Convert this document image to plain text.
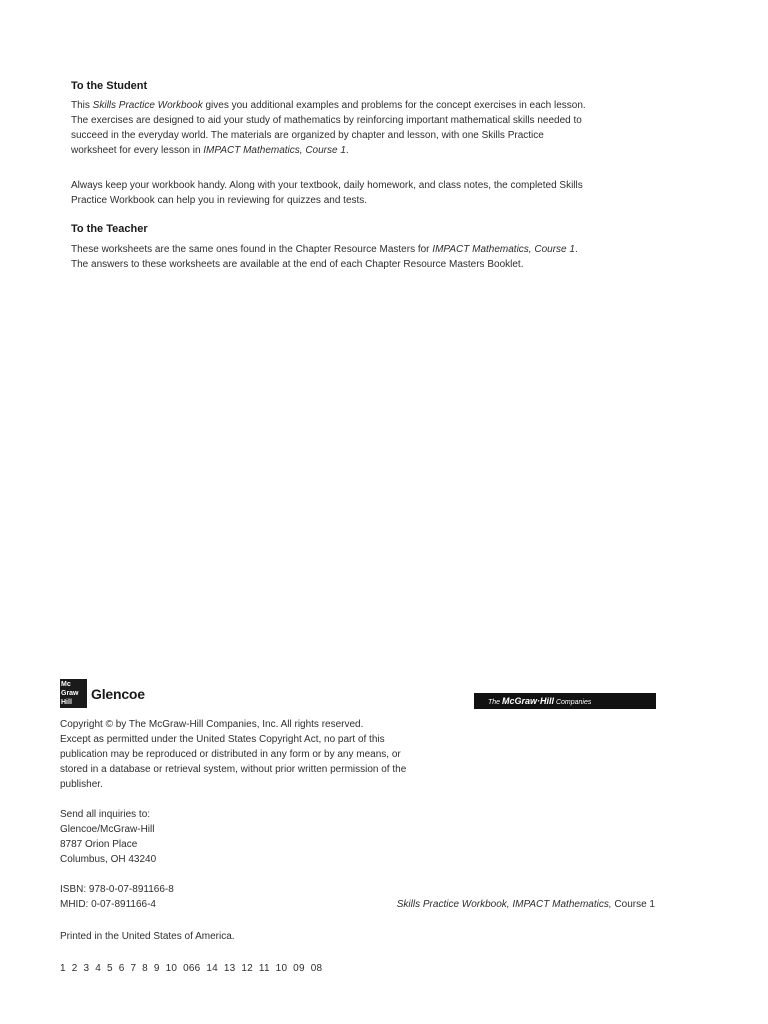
To the Student
This Skills Practice Workbook gives you additional examples and problems for the concept exercises in each lesson. The exercises are designed to aid your study of mathematics by reinforcing important mathematical skills needed to succeed in the everyday world. The materials are organized by chapter and lesson, with one Skills Practice worksheet for every lesson in IMPACT Mathematics, Course 1.
Always keep your workbook handy. Along with your textbook, daily homework, and class notes, the completed Skills Practice Workbook can help you in reviewing for quizzes and tests.
To the Teacher
These worksheets are the same ones found in the Chapter Resource Masters for IMPACT Mathematics, Course 1. The answers to these worksheets are available at the end of each Chapter Resource Masters Booklet.
Mc
Graw
Hill
Glencoe
The McGraw·Hill Companies
Copyright © by The McGraw-Hill Companies, Inc. All rights reserved.
Except as permitted under the United States Copyright Act, no part of this
publication may be reproduced or distributed in any form or by any means, or
stored in a database or retrieval system, without prior written permission of the
publisher.
Send all inquiries to:
Glencoe/McGraw-Hill
8787 Orion Place
Columbus, OH 43240
ISBN: 978-0-07-891166-8
MHID: 0-07-891166-4	Skills Practice Workbook, IMPACT Mathematics, Course 1
Printed in the United States of America.
1 2 3 4 5 6 7 8 9 10 066 14 13 12 11 10 09 08
